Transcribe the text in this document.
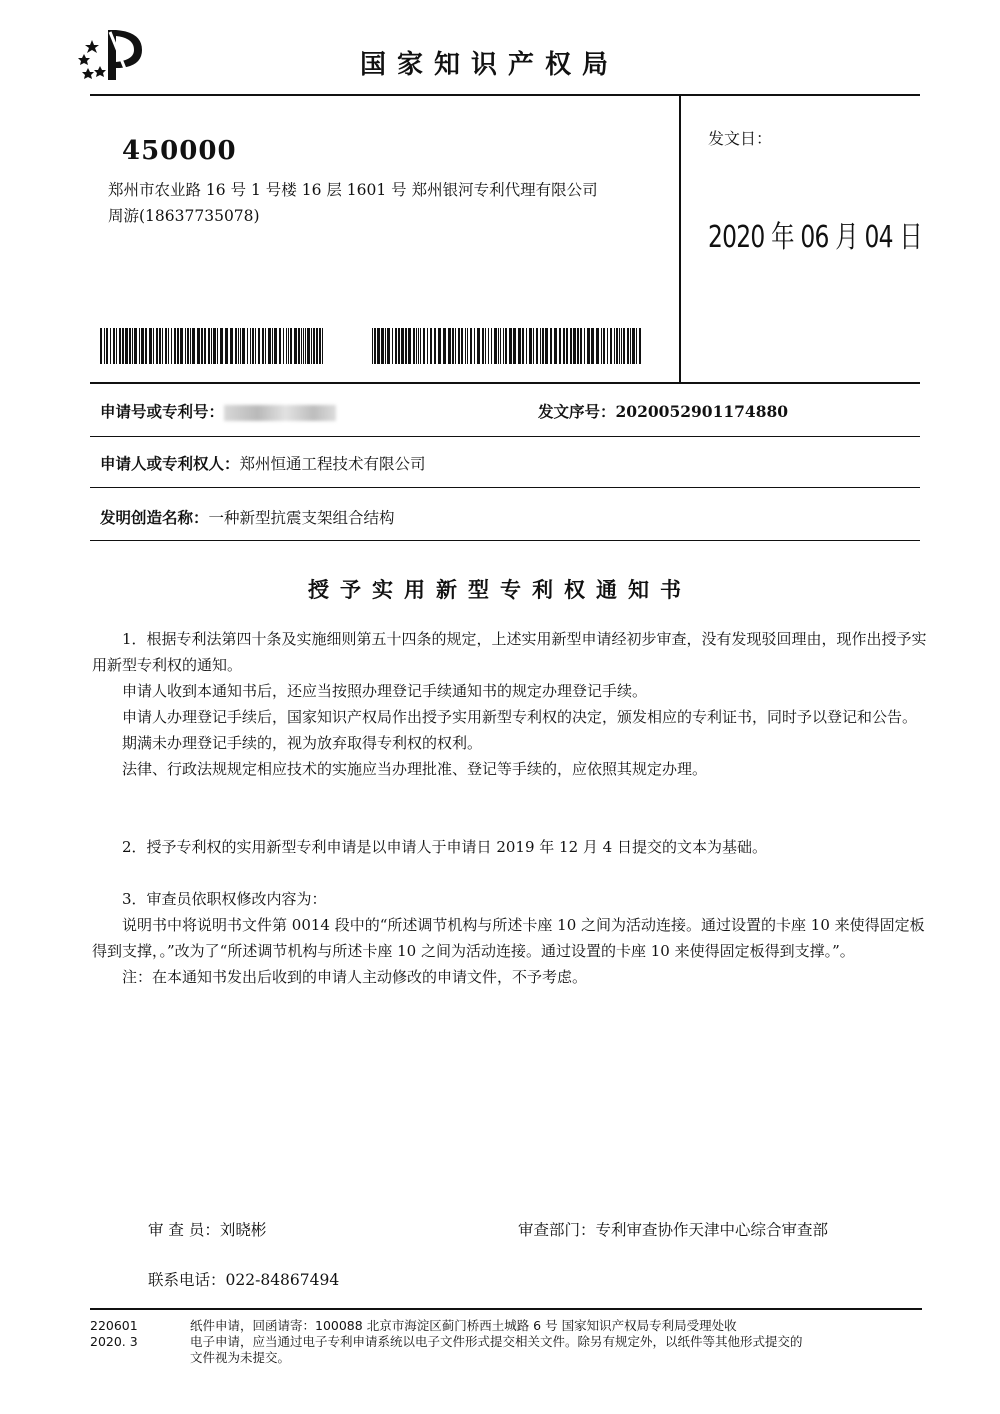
国家知识产权局
450000
郑州市农业路 16 号 1 号楼 16 层 1601 号 郑州银河专利代理有限公司
周游(18637735078)
发文日：
2020 年 06 月 04 日
申请号或专利号：	发文序号：2020052901174880
申请人或专利权人：郑州恒通工程技术有限公司
发明创造名称：一种新型抗震支架组合结构
授予实用新型专利权通知书

1．根据专利法第四十条及实施细则第五十四条的规定，上述实用新型申请经初步审查，没有发现驳回理由，现作出授予实用新型专利权的通知。

申请人收到本通知书后，还应当按照办理登记手续通知书的规定办理登记手续。

申请人办理登记手续后，国家知识产权局作出授予实用新型专利权的决定，颁发相应的专利证书，同时予以登记和公告。

期满未办理登记手续的，视为放弃取得专利权的权利。

法律、行政法规规定相应技术的实施应当办理批准、登记等手续的，应依照其规定办理。

2．授予专利权的实用新型专利申请是以申请人于申请日 2019 年 12 月 4 日提交的文本为基础。

3．审查员依职权修改内容为：

说明书中将说明书文件第 0014 段中的“所述调节机构与所述卡座 10 之间为活动连接。通过设置的卡座 10 来使得固定板得到支撑，。”改为了“所述调节机构与所述卡座 10 之间为活动连接。通过设置的卡座 10 来使得固定板得到支撑。”。

注：在本通知书发出后收到的申请人主动修改的申请文件，不予考虑。

审 查 员：刘晓彬	审查部门：专利审查协作天津中心综合审查部
联系电话：022-84867494
220601
2020. 3
纸件申请，回函请寄：100088 北京市海淀区蓟门桥西土城路 6 号 国家知识产权局专利局受理处收
电子申请，应当通过电子专利申请系统以电子文件形式提交相关文件。除另有规定外，以纸件等其他形式提交的
文件视为未提交。
